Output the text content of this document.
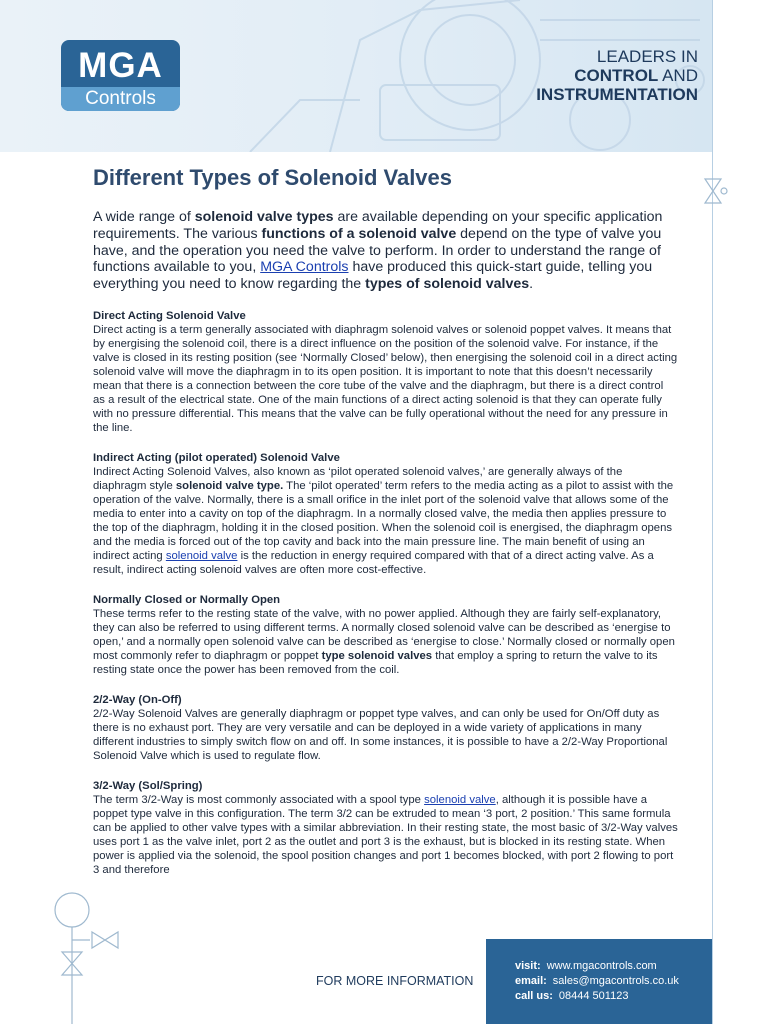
MGA
Controls
LEADERS IN
CONTROL AND
INSTRUMENTATION
Different Types of Solenoid Valves

A wide range of solenoid valve types are available depending on your specific application requirements. The various functions of a solenoid valve depend on the type of valve you have, and the operation you need the valve to perform. In order to understand the range of functions available to you, MGA Controls have produced this quick-start guide, telling you everything you need to know regarding the types of solenoid valves.

Direct Acting Solenoid Valve

Direct acting is a term generally associated with diaphragm solenoid valves or solenoid poppet valves. It means that by energising the solenoid coil, there is a direct influence on the position of the solenoid valve. For instance, if the valve is closed in its resting position (see ‘Normally Closed’ below), then energising the solenoid coil in a direct acting solenoid valve will move the diaphragm in to its open position. It is important to note that this doesn’t necessarily mean that there is a connection between the core tube of the valve and the diaphragm, but there is a direct control as a result of the electrical state. One of the main functions of a direct acting solenoid is that they can operate fully with no pressure differential. This means that the valve can be fully operational without the need for any pressure in the line.

Indirect Acting (pilot operated) Solenoid Valve

Indirect Acting Solenoid Valves, also known as ‘pilot operated solenoid valves,’ are generally always of the diaphragm style solenoid valve type. The ‘pilot operated’ term refers to the media acting as a pilot to assist with the operation of the valve. Normally, there is a small orifice in the inlet port of the solenoid valve that allows some of the media to enter into a cavity on top of the diaphragm. In a normally closed valve, the media then applies pressure to the top of the diaphragm, holding it in the closed position. When the solenoid coil is energised, the diaphragm opens and the media is forced out of the top cavity and back into the main pressure line. The main benefit of using an indirect acting solenoid valve is the reduction in energy required compared with that of a direct acting valve. As a result, indirect acting solenoid valves are often more cost-effective.

Normally Closed or Normally Open

These terms refer to the resting state of the valve, with no power applied. Although they are fairly self-explanatory, they can also be referred to using different terms. A normally closed solenoid valve can be described as ‘energise to open,’ and a normally open solenoid valve can be described as ‘energise to close.’ Normally closed or normally open most commonly refer to diaphragm or poppet type solenoid valves that employ a spring to return the valve to its resting state once the power has been removed from the coil.

2/2-Way (On-Off)

2/2-Way Solenoid Valves are generally diaphragm or poppet type valves, and can only be used for On/Off duty as there is no exhaust port. They are very versatile and can be deployed in a wide variety of applications in many different industries to simply switch flow on and off. In some instances, it is possible to have a 2/2-Way Proportional Solenoid Valve which is used to regulate flow.

3/2-Way (Sol/Spring)

The term 3/2-Way is most commonly associated with a spool type solenoid valve, although it is possible have a poppet type valve in this configuration. The term 3/2 can be extruded to mean ‘3 port, 2 position.’ This same formula can be applied to other valve types with a similar abbreviation. In their resting state, the most basic of 3/2-Way valves uses port 1 as the valve inlet, port 2 as the outlet and port 3 is the exhaust, but is blocked in its resting state. When power is applied via the solenoid, the spool position changes and port 1 becomes blocked, with port 2 flowing to port 3 and therefore

FOR MORE INFORMATION
visit: www.mgacontrols.com
email: sales@mgacontrols.co.uk
call us: 08444 501123
